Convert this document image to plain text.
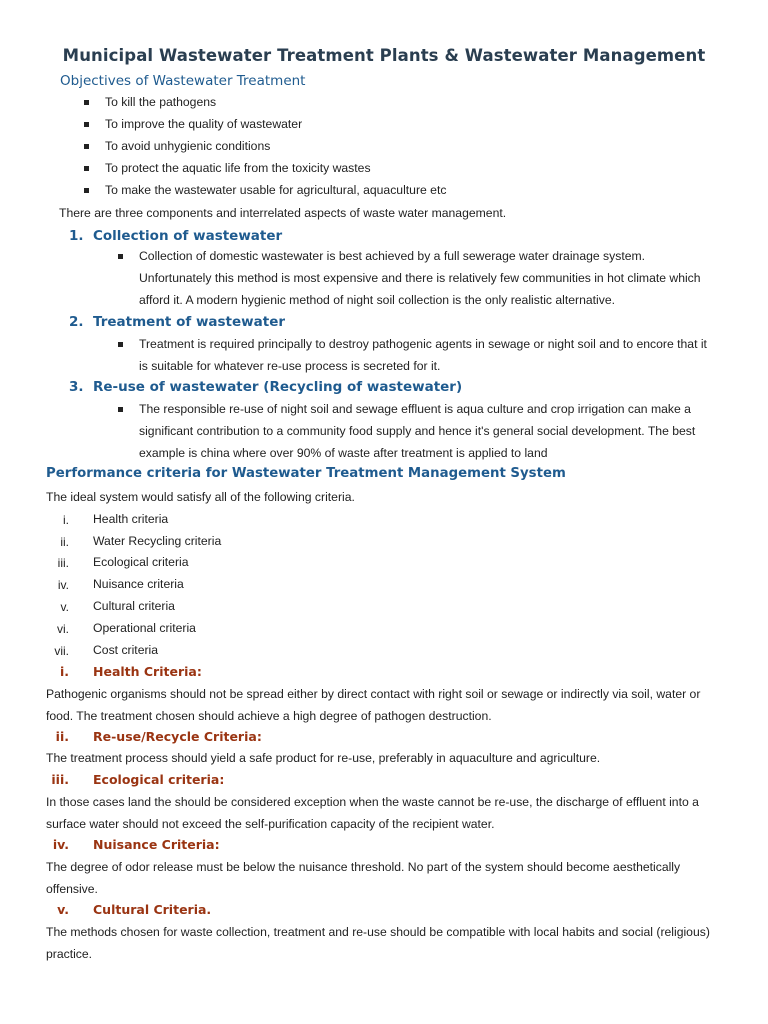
Municipal Wastewater Treatment Plants & Wastewater Management
Objectives of Wastewater Treatment
To kill the pathogens
To improve the quality of wastewater
To avoid unhygienic conditions
To protect the aquatic life from the toxicity wastes
To make the wastewater usable for agricultural, aquaculture etc
There are three components and interrelated aspects of waste water management.
1. Collection of wastewater
Collection of domestic wastewater is best achieved by a full sewerage water drainage system. Unfortunately this method is most expensive and there is relatively few communities in hot climate which afford it. A modern hygienic method of night soil collection is the only realistic alternative.
2. Treatment of wastewater
Treatment is required principally to destroy pathogenic agents in sewage or night soil and to encore that it is suitable for whatever re-use process is secreted for it.
3. Re-use of wastewater (Recycling of wastewater)
The responsible re-use of night soil and sewage effluent is aqua culture and crop irrigation can make a significant contribution to a community food supply and hence it's general social development. The best example is china where over 90% of waste after treatment is applied to land
Performance criteria for Wastewater Treatment Management System
The ideal system would satisfy all of the following criteria.
i. Health criteria
ii. Water Recycling criteria
iii. Ecological criteria
iv. Nuisance criteria
v. Cultural criteria
vi. Operational criteria
vii. Cost criteria
i. Health Criteria:
Pathogenic organisms should not be spread either by direct contact with right soil or sewage or indirectly via soil, water or food. The treatment chosen should achieve a high degree of pathogen destruction.
ii. Re-use/Recycle Criteria:
The treatment process should yield a safe product for re-use, preferably in aquaculture and agriculture.
iii. Ecological criteria:
In those cases land the should be considered exception when the waste cannot be re-use, the discharge of effluent into a surface water should not exceed the self-purification capacity of the recipient water.
iv. Nuisance Criteria:
The degree of odor release must be below the nuisance threshold. No part of the system should become aesthetically offensive.
v. Cultural Criteria.
The methods chosen for waste collection, treatment and re-use should be compatible with local habits and social (religious) practice.
